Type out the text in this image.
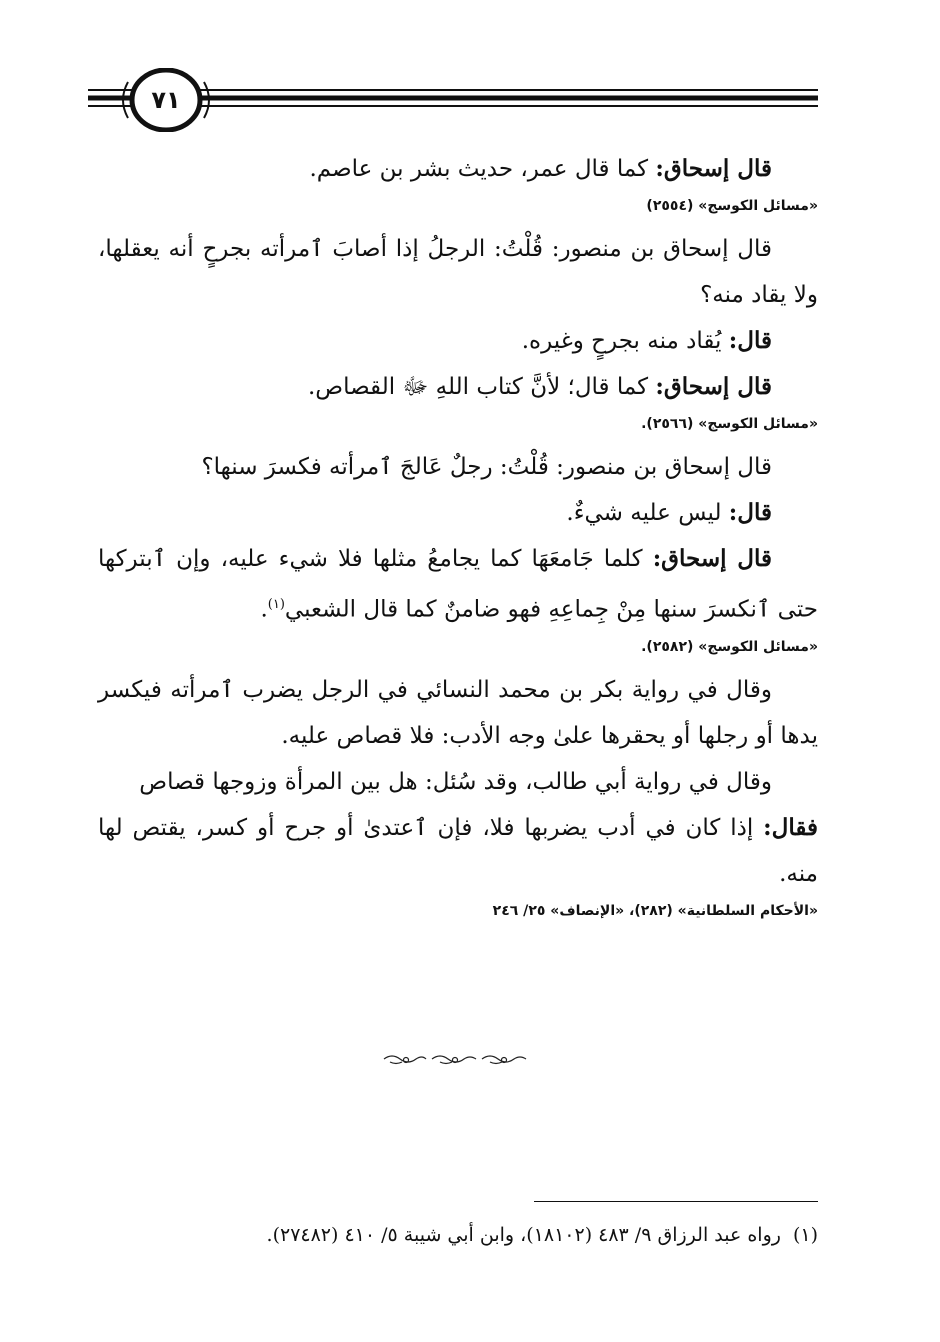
٧١

قال إسحاق: كما قال عمر، حديث بشر بن عاصم.

«مسائل الكوسج» (٢٥٥٤)

قال إسحاق بن منصور: قُلْتُ: الرجلُ إذا أصابَ ٱمرأته بجرحٍ أنه يعقلها، ولا يقاد منه؟

قال: يُقاد منه بجرحٍ وغيره.

قال إسحاق: كما قال؛ لأنَّ كتاب اللهِ ﷻ القصاص.

«مسائل الكوسج» (٢٥٦٦).

قال إسحاق بن منصور: قُلْتُ: رجلٌ عَالجَ ٱمرأته فكسرَ سنها؟

قال: ليس عليه شيءٌ.

قال إسحاق: كلما جَامعَهَا كما يجامعُ مثلها فلا شيء عليه، وإن ٱبتركها حتى ٱنكسرَ سنها مِنْ جِماعِهِ فهو ضامنٌ كما قال الشعبي$^{(١)}$.

«مسائل الكوسج» (٢٥٨٢).

وقال في رواية بكر بن محمد النسائي في الرجل يضرب ٱمرأته فيكسر يدها أو رجلها أو يحقرها علىٰ وجه الأدب: فلا قصاص عليه.

وقال في رواية أبي طالب، وقد سُئل: هل بين المرأة وزوجها قصاص

فقال: إذا كان في أدب يضربها فلا، فإن ٱعتدىٰ أو جرح أو كسر، يقتص لها منه.

«الأحكام السلطانية» (٢٨٢)، «الإنصاف» ٢٥/ ٢٤٦
(١)رواه عبد الرزاق ٩/ ٤٨٣ (١٨١٠٢)، وابن أبي شيبة ٥/ ٤١٠ (٢٧٤٨٢).
